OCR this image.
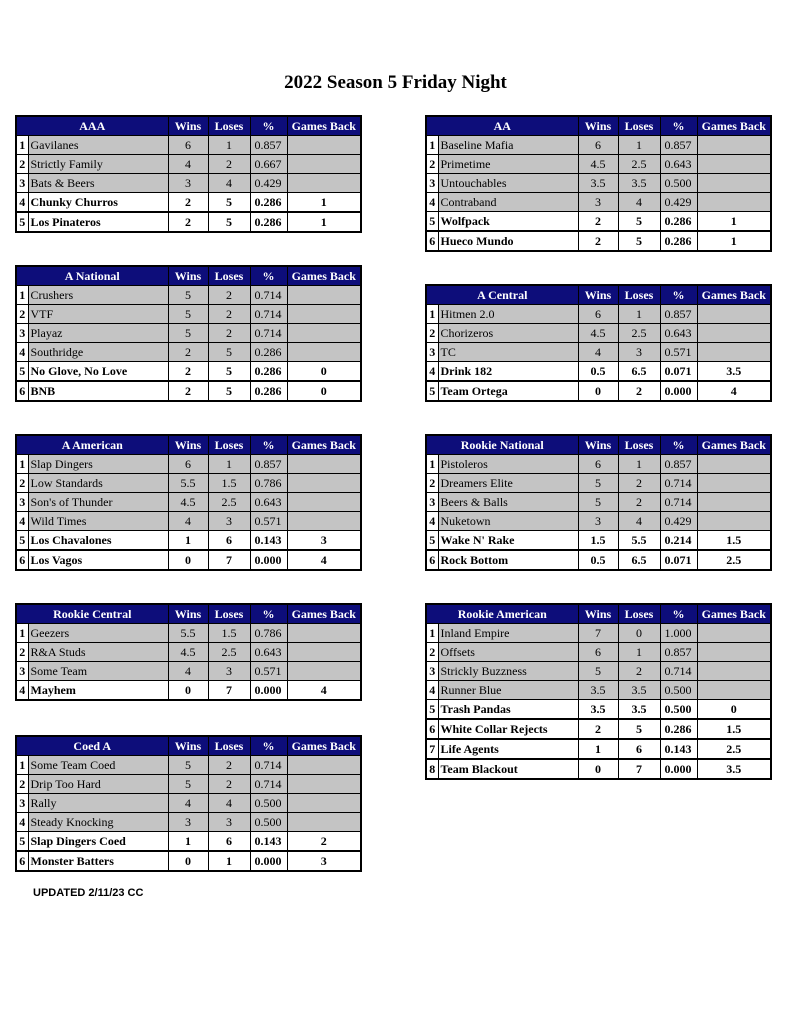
2022 Season 5 Friday Night
AAA		Wins	Loses	%	Games Back
1	Gavilanes	6	1	0.857	
2	Strictly Family	4	2	0.667	
3	Bats & Beers	3	4	0.429	
4	Chunky Churros	2	5	0.286	1
5	Los Pinateros	2	5	0.286	1
AA		Wins	Loses	%	Games Back
1	Baseline Mafia	6	1	0.857	
2	Primetime	4.5	2.5	0.643	
3	Untouchables	3.5	3.5	0.500	
4	Contraband	3	4	0.429	
5	Wolfpack	2	5	0.286	1
6	Hueco Mundo	2	5	0.286	1
A National		Wins	Loses	%	Games Back
1	Crushers	5	2	0.714	
2	VTF	5	2	0.714	
3	Playaz	5	2	0.714	
4	Southridge	2	5	0.286	
5	No Glove, No Love	2	5	0.286	0
6	BNB	2	5	0.286	0
A Central		Wins	Loses	%	Games Back
1	Hitmen 2.0	6	1	0.857	
2	Chorizeros	4.5	2.5	0.643	
3	TC	4	3	0.571	
4	Drink 182	0.5	6.5	0.071	3.5
5	Team Ortega	0	2	0.000	4
A American		Wins	Loses	%	Games Back
1	Slap Dingers	6	1	0.857	
2	Low Standards	5.5	1.5	0.786	
3	Son's of Thunder	4.5	2.5	0.643	
4	Wild Times	4	3	0.571	
5	Los Chavalones	1	6	0.143	3
6	Los Vagos	0	7	0.000	4
Rookie National		Wins	Loses	%	Games Back
1	Pistoleros	6	1	0.857	
2	Dreamers Elite	5	2	0.714	
3	Beers & Balls	5	2	0.714	
4	Nuketown	3	4	0.429	
5	Wake N' Rake	1.5	5.5	0.214	1.5
6	Rock Bottom	0.5	6.5	0.071	2.5
Rookie Central		Wins	Loses	%	Games Back
1	Geezers	5.5	1.5	0.786	
2	R&A Studs	4.5	2.5	0.643	
3	Some Team	4	3	0.571	
4	Mayhem	0	7	0.000	4
Rookie American		Wins	Loses	%	Games Back
1	Inland Empire	7	0	1.000	
2	Offsets	6	1	0.857	
3	Strickly Buzzness	5	2	0.714	
4	Runner Blue	3.5	3.5	0.500	
5	Trash Pandas	3.5	3.5	0.500	0
6	White Collar Rejects	2	5	0.286	1.5
7	Life Agents	1	6	0.143	2.5
8	Team Blackout	0	7	0.000	3.5
Coed A		Wins	Loses	%	Games Back
1	Some Team Coed	5	2	0.714	
2	Drip Too Hard	5	2	0.714	
3	Rally	4	4	0.500	
4	Steady Knocking	3	3	0.500	
5	Slap Dingers Coed	1	6	0.143	2
6	Monster Batters	0	1	0.000	3
UPDATED 2/11/23 CC
